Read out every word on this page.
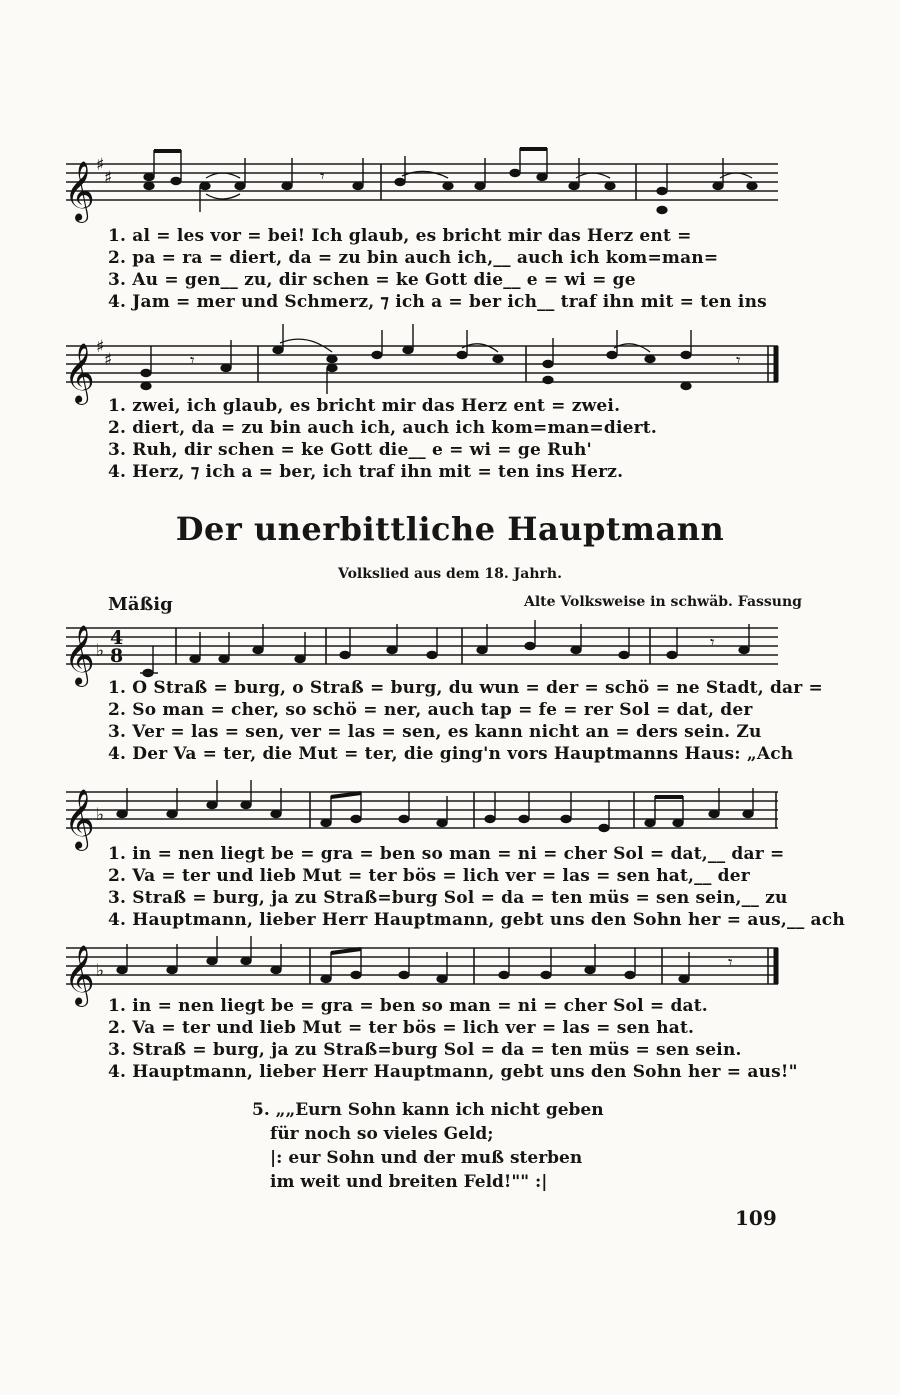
𝄞 ♯
♯	𝄾
1. al = les vor = bei! Ich glaub, es bricht mir das Herz ent =
2. pa = ra = diert, da = zu bin auch ich,__ auch ich kom=man=
3. Au = gen__ zu, dir schen = ke Gott die__ e = wi = ge
4. Jam = mer und Schmerz, ⁊ ich a = ber ich__ traf ihn mit = ten ins
𝄞 ♯
♯	𝄾	𝄾
1. zwei, ich glaub, es bricht mir das Herz ent = zwei.
2. diert, da = zu bin auch ich, auch ich kom=man=diert.
3. Ruh, dir schen = ke Gott die__ e = wi = ge Ruh'
4. Herz, ⁊ ich a = ber, ich traf ihn mit = ten ins Herz.
Der unerbittliche Hauptmann
Volkslied aus dem 18. Jahrh.
Mäßig	Alte Volksweise in schwäb. Fassung
𝄞 ♭
4
8
𝄾
1. O Straß = burg, o Straß = burg, du wun = der = schö = ne Stadt, dar =
2. So man = cher, so schö = ner, auch tap = fe = rer Sol = dat, der
3. Ver = las = sen, ver = las = sen, es kann nicht an = ders sein. Zu
4. Der Va = ter, die Mut = ter, die ging'n vors Hauptmanns Haus: „Ach
𝄞 ♭
1. in = nen liegt be = gra = ben so man = ni = cher Sol = dat,__ dar =
2. Va = ter und lieb Mut = ter bös = lich ver = las = sen hat,__ der
3. Straß = burg, ja zu Straß=burg Sol = da = ten müs = sen sein,__ zu
4. Hauptmann, lieber Herr Hauptmann, gebt uns den Sohn her = aus,__ ach
𝄞 ♭	𝄾
1. in = nen liegt be = gra = ben so man = ni = cher Sol = dat.
2. Va = ter und lieb Mut = ter bös = lich ver = las = sen hat.
3. Straß = burg, ja zu Straß=burg Sol = da = ten müs = sen sein.
4. Hauptmann, lieber Herr Hauptmann, gebt uns den Sohn her = aus!"
5. „„Eurn Sohn kann ich nicht geben
für noch so vieles Geld;
|: eur Sohn und der muß sterben
im weit und breiten Feld!"" :|
109
